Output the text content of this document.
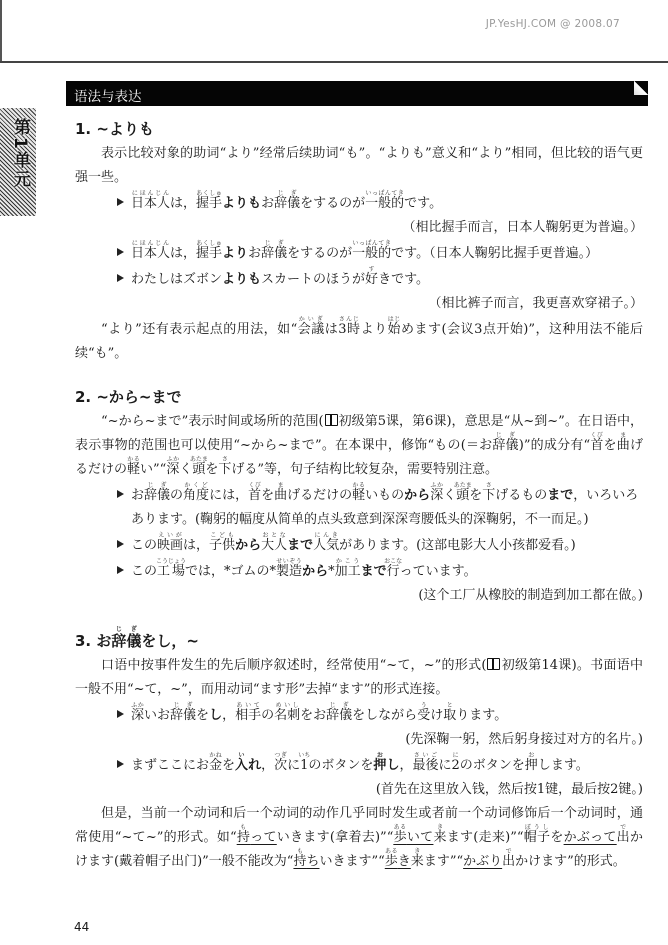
JP.YesHJ.COM @ 2008.07
语法与表达
第1单元	1. ~よりも

表示比较对象的助词“より”经常后续助词“も”。“よりも”意义和“より”相同，但比较的语气更强一些。

日本人にほんじんは，握手あくしゅよりもお辞儀じぎをするのが一般的いっぱんてきです。

（相比握手而言，日本人鞠躬更为普遍。）

日本人にほんじんは，握手あくしゅよりお辞儀じぎをするのが一般的いっぱんてきです。（日本人鞠躬比握手更普遍。）

わたしはズボンよりもスカートのほうが好すきです。

（相比裤子而言，我更喜欢穿裙子。）

“より”还有表示起点的用法，如“会議かいぎは3時さんじより始はじめます(会议3点开始)”，这种用法不能后续“も”。

2. ~から~まで

“~から~まで”表示时间或场所的范围( 初级第5课，第6课)，意思是“从~到~”。在日语中，表示事物的范围也可以使用“~から~まで”。在本课中，修饰“もの(＝お辞儀じぎ)”的成分有“首くびを曲まげるだけの軽かるい”“深ふかく頭あたまを下さげる”等，句子结构比较复杂，需要特别注意。

お辞儀じぎの角度かくどには，首くびを曲まげるだけの軽かるいものから深ふかく頭あたまを下さげるものまで，いろいろあります。(鞠躬的幅度从简单的点头致意到深深弯腰低头的深鞠躬，不一而足。)

この映画えいがは，子供こどもから大人おとなまで人気にんきがあります。(这部电影大人小孩都爱看。)

この工場こうじょうでは，*ゴムの*製造せいぞうから*加工かこうまで行おこなっています。

(这个工厂从橡胶的制造到加工都在做。)

3. お辞儀じぎをし，~

口语中按事件发生的先后顺序叙述时，经常使用“~て，~”的形式( 初级第14课)。书面语中一般不用“~て，~”，而用动词“ます形”去掉“ます”的形式连接。

深ふかいお辞儀じぎをし，相手あいての名刺めいしをお辞儀じぎをしながら受うけ取とります。

(先深鞠一躬，然后躬身接过对方的名片。)

まずここにお金かねを入いれ，次つぎに1いちのボタンを押おし，最後さいごに2にのボタンを押おします。

(首先在这里放入钱，然后按1键，最后按2键。)

但是，当前一个动词和后一个动词的动作几乎同时发生或者前一个动词修饰后一个动词时，通常使用“~て~”的形式。如“持もっていきます(拿着去)”“歩あるいて来きます(走来)”“帽子ぼうしをかぶって出でかけます(戴着帽子出门)”一般不能改为“持もちいきます”“歩あるき来きます”“かぶり出でかけます”的形式。

44
